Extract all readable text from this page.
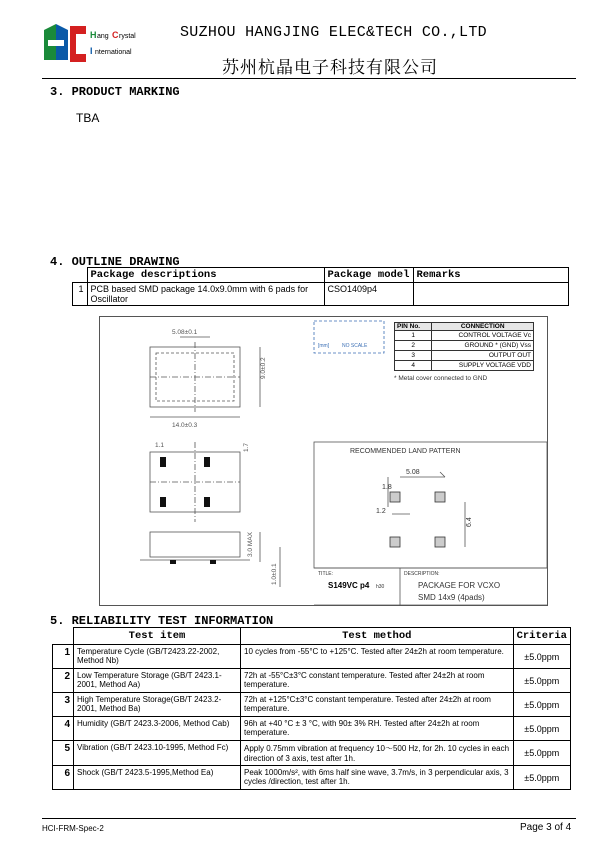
H ang C rystal
I nternational
SUZHOU HANGJING ELEC&TECH CO.,LTD
苏州杭晶电子科技有限公司
3. PRODUCT MARKING
TBA
4. OUTLINE DRAWING
	Package descriptions	Package model	Remarks
1	PCB based SMD package 14.0x9.0mm with 6 pads for Oscillator	CSO1409p4	
5.08±0.1
9.0±0.2
14.0±0.3
1.1	1.7
3.0 MAX
1.0±0.1
[mm]	NO SCALE
RECOMMENDED LAND PATTERN
5.08
1.8
1.2
6.4
TITLE:
S149VC p4 h30
DESCRIPTION:
PACKAGE FOR VCXO
SMD 14x9 (4pads)
PIN No.	CONNECTION
1	CONTROL VOLTAGE Vc
2	GROUND * (GND) Vss
3	OUTPUT OUT
4	SUPPLY VOLTAGE VDD
* Metal cover connected to GND
5. RELIABILITY TEST INFORMATION
	Test item	Test method	Criteria
1	Temperature Cycle (GB/T2423.22-2002, Method Nb)	10 cycles from -55°C to +125°C. Tested after 24±2h at room temperature.	±5.0ppm
2	Low Temperature Storage (GB/T 2423.1-2001, Method Aa)	72h at -55°C±3°C constant temperature. Tested after 24±2h at room temperature.	±5.0ppm
3	High Temperature Storage(GB/T 2423.2-2001, Method Ba)	72h at +125°C±3°C constant temperature. Tested after 24±2h at room temperature.	±5.0ppm
4	Humidity (GB/T 2423.3-2006, Method Cab)	96h at +40 °C ± 3 °C, with 90± 3% RH. Tested after 24±2h at room temperature.	±5.0ppm
5	Vibration (GB/T 2423.10-1995, Method Fc)	Apply 0.75mm vibration at frequency 10～500 Hz, for 2h. 10 cycles in each direction of 3 axis, test after 1h.	±5.0ppm
6	Shock (GB/T 2423.5-1995,Method Ea)	Peak 1000m/s², with 6ms half sine wave, 3.7m/s, in 3 perpendicular axis, 3 cycles /direction, test after 1h.	±5.0ppm
HCI-FRM-Spec-2	Page 3 of 4
